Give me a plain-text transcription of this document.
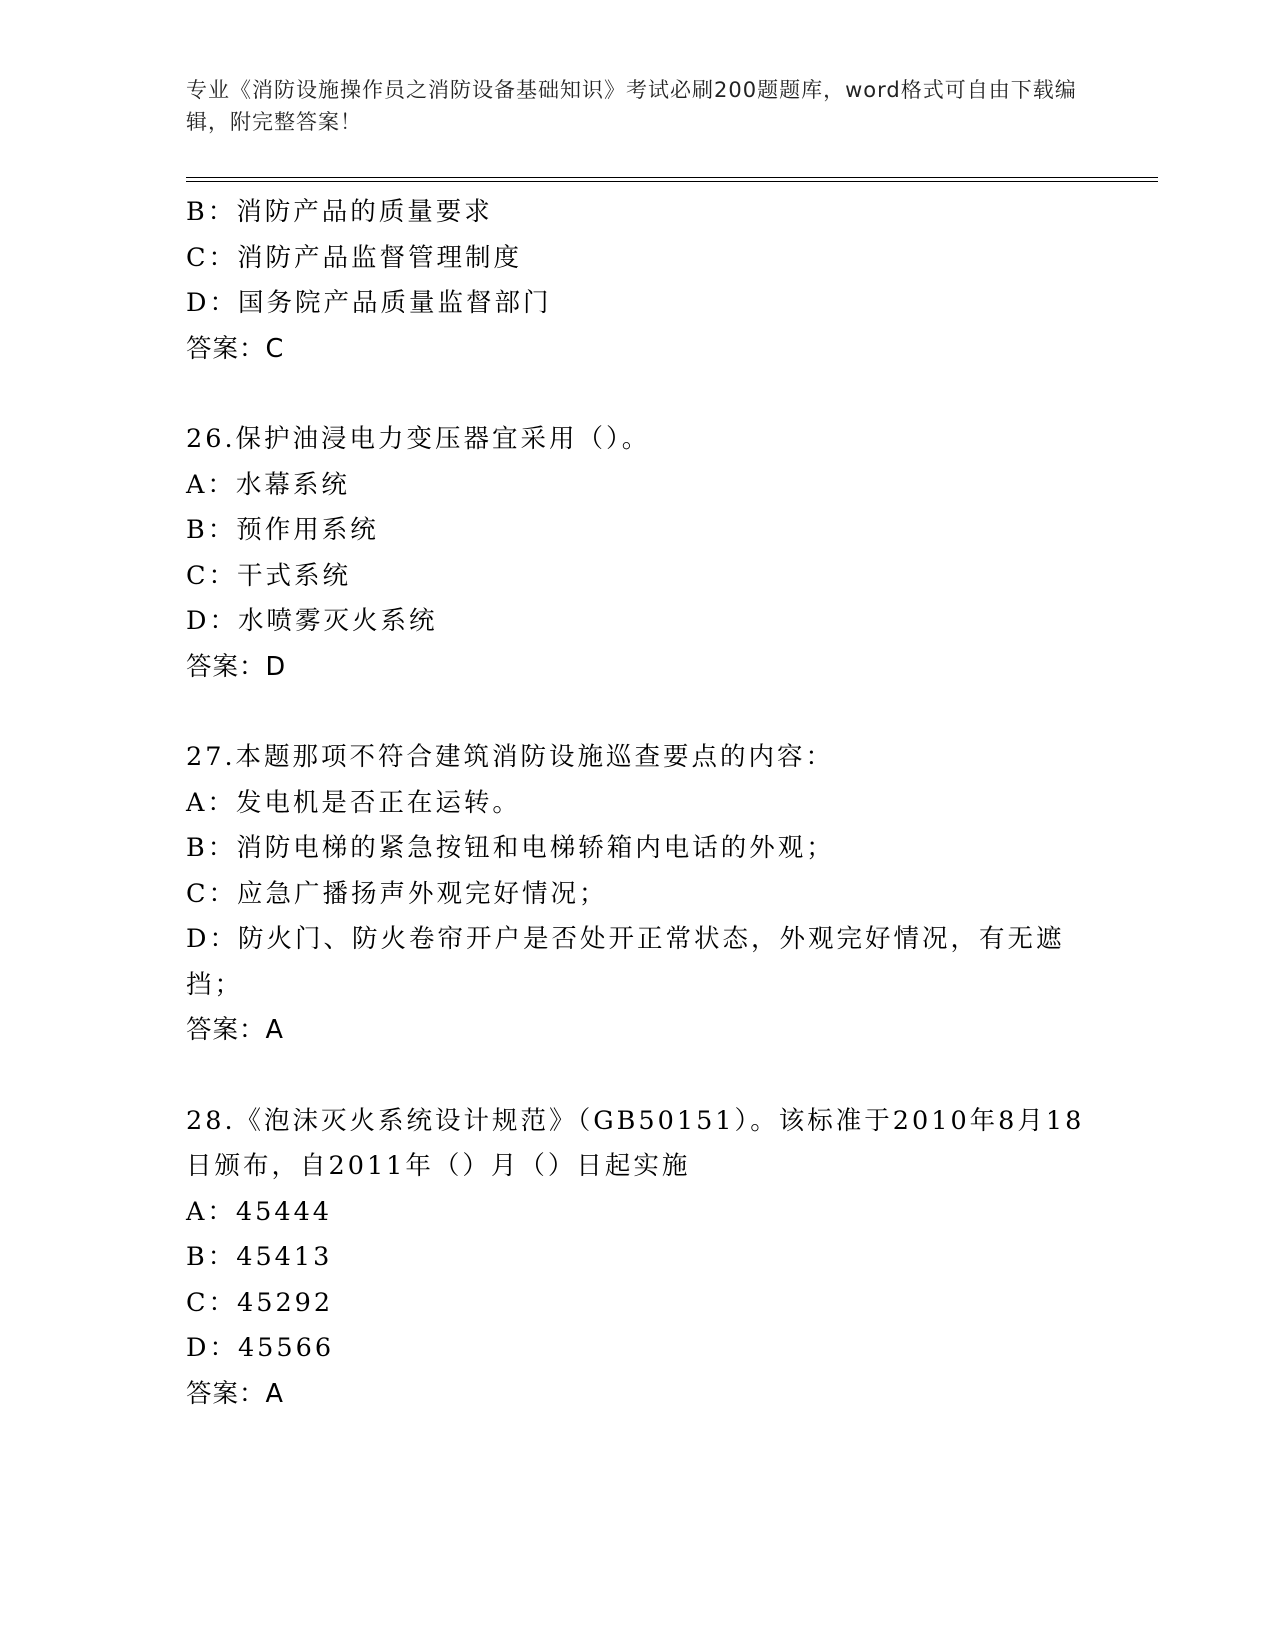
专业《消防设施操作员之消防设备基础知识》考试必刷200题题库，word格式可自由下载编辑，附完整答案！

B：消防产品的质量要求

C：消防产品监督管理制度

D：国务院产品质量监督部门

答案：C

26.保护油浸电力变压器宜采用（）。

A：水幕系统

B：预作用系统

C：干式系统

D：水喷雾灭火系统

答案：D

27.本题那项不符合建筑消防设施巡查要点的内容：

A：发电机是否正在运转。

B：消防电梯的紧急按钮和电梯轿箱内电话的外观；

C：应急广播扬声外观完好情况；

D：防火门、防火卷帘开户是否处开正常状态，外观完好情况，有无遮挡；

答案：A

28.《泡沫灭火系统设计规范》（GB50151）。该标准于2010年8月18日颁布，自2011年（）月（）日起实施

A：45444

B：45413

C：45292

D：45566

答案：A
